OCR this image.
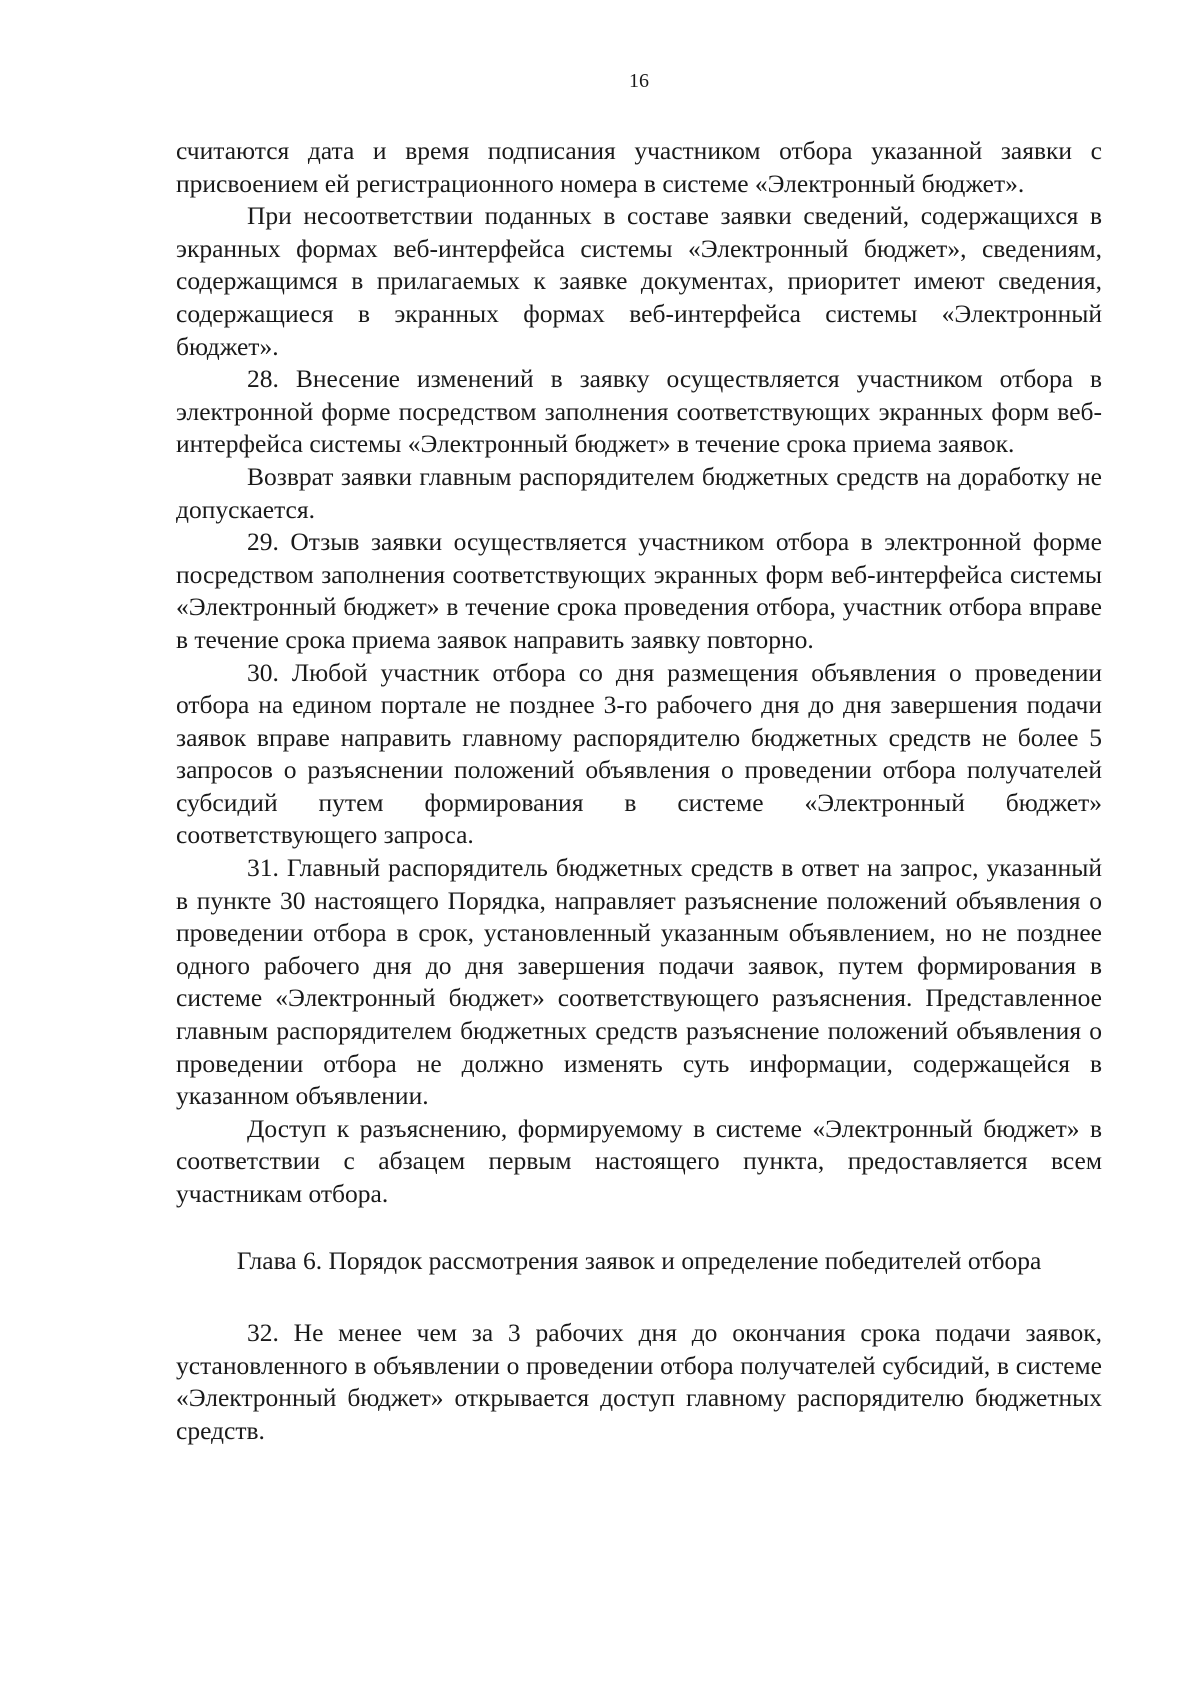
16

считаются дата и время подписания участником отбора указанной заявки с присвоением ей регистрационного номера в системе «Электронный бюджет».

При несоответствии поданных в составе заявки сведений, содержащихся в экранных формах веб-интерфейса системы «Электронный бюджет», сведениям, содержащимся в прилагаемых к заявке документах, приоритет имеют сведения, содержащиеся в экранных формах веб-интерфейса системы «Электронный бюджет».

28. Внесение изменений в заявку осуществляется участником отбора в электронной форме посредством заполнения соответствующих экранных форм веб-интерфейса системы «Электронный бюджет» в течение срока приема заявок.

Возврат заявки главным распорядителем бюджетных средств на доработку не допускается.

29. Отзыв заявки осуществляется участником отбора в электронной форме посредством заполнения соответствующих экранных форм веб-интерфейса системы «Электронный бюджет» в течение срока проведения отбора, участник отбора вправе в течение срока приема заявок направить заявку повторно.

30. Любой участник отбора со дня размещения объявления о проведении отбора на едином портале не позднее 3-го рабочего дня до дня завершения подачи заявок вправе направить главному распорядителю бюджетных средств не более 5 запросов о разъяснении положений объявления о проведении отбора получателей субсидий путем формирования в системе «Электронный бюджет» соответствующего запроса.

31. Главный распорядитель бюджетных средств в ответ на запрос, указанный в пункте 30 настоящего Порядка, направляет разъяснение положений объявления о проведении отбора в срок, установленный указанным объявлением, но не позднее одного рабочего дня до дня завершения подачи заявок, путем формирования в системе «Электронный бюджет» соответствующего разъяснения. Представленное главным распорядителем бюджетных средств разъяснение положений объявления о проведении отбора не должно изменять суть информации, содержащейся в указанном объявлении.

Доступ к разъяснению, формируемому в системе «Электронный бюджет» в соответствии с абзацем первым настоящего пункта, предоставляется всем участникам отбора.

Глава 6. Порядок рассмотрения заявок и определение победителей отбора

32. Не менее чем за 3 рабочих дня до окончания срока подачи заявок, установленного в объявлении о проведении отбора получателей субсидий, в системе «Электронный бюджет» открывается доступ главному распорядителю бюджетных средств.
